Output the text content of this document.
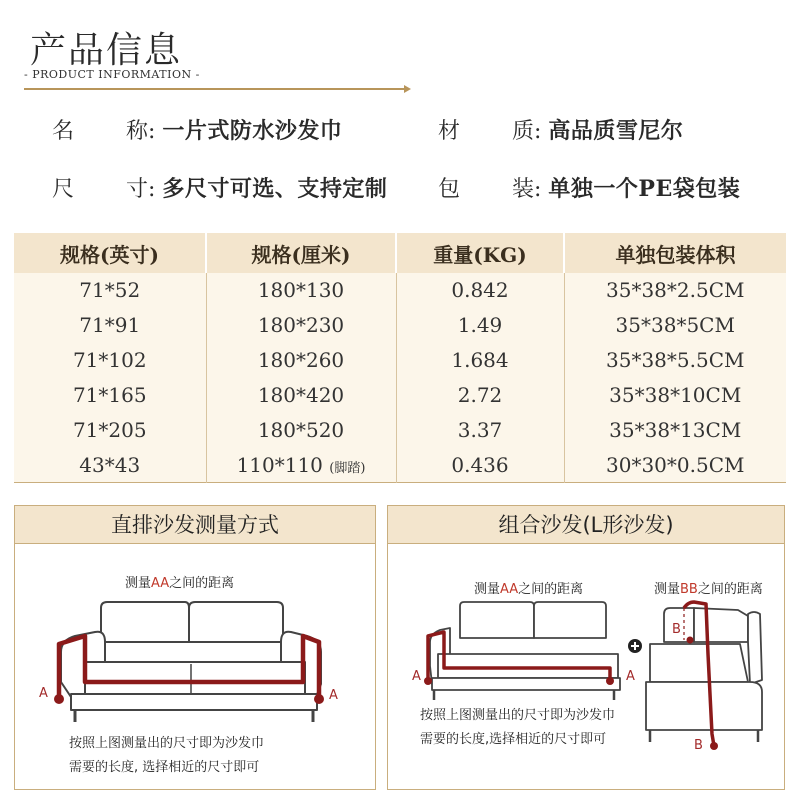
产品信息
- PRODUCT INFORMATION -
名 称: 一片式防水沙发巾	材 质: 高品质雪尼尔
尺 寸: 多尺寸可选、支持定制 包 装: 单独一个PE袋包装
规格(英寸)	规格(厘米)	重量(KG)	单独包装体积
71*52	180*130	0.842	35*38*2.5CM
71*91	180*230	1.49	35*38*5CM
71*102	180*260	1.684	35*38*5.5CM
71*165	180*420	2.72	35*38*10CM
71*205	180*520	3.37	35*38*13CM
43*43	110*110 (脚踏)	0.436	30*30*0.5CM
直排沙发测量方式
测量AA之间的距离
A	A
按照上图测量出的尺寸即为沙发巾
需要的长度, 选择相近的尺寸即可
组合沙发(L形沙发)
测量AA之间的距离	测量BB之间的距离
A	A
B
B
按照上图测量出的尺寸即为沙发巾
需要的长度,选择相近的尺寸即可
